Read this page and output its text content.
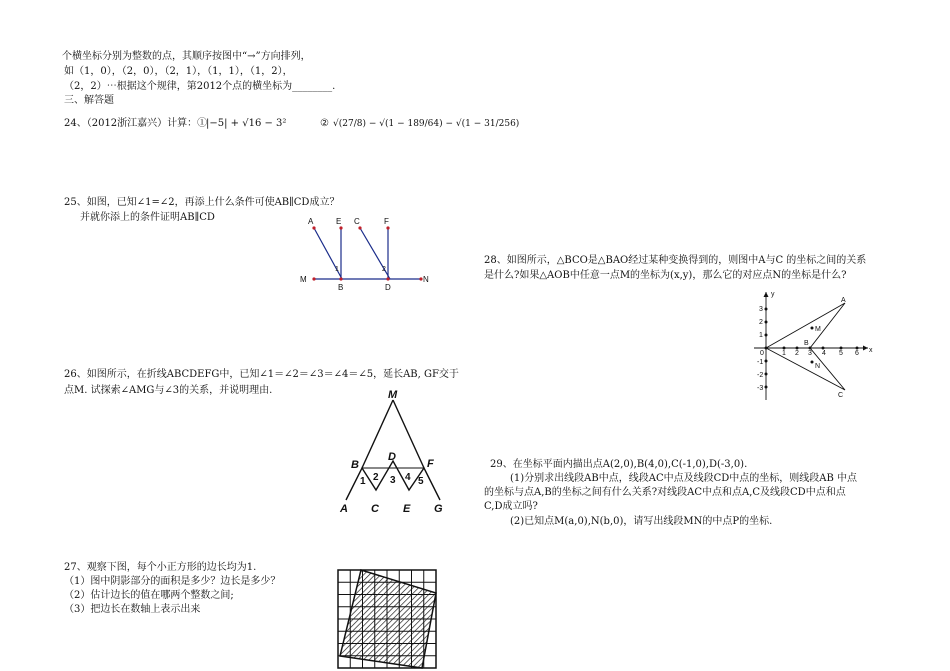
个横坐标分别为整数的点，其顺序按图中“→”方向排列，
如（1，0），（2，0），（2，1），（1，1），（1，2），
（2，2）⋯根据这个规律，第2012个点的横坐标为________.
三、解答题
24、（2012浙江嘉兴）计算：①
|−5| + √16 − 3²	② √(27/8) − √(1 − 189/64) − √(1 − 31/256)
25、如图，已知∠1=∠2，再添上什么条件可使AB∥CD成立？
并就你添上的条件证明AB∥CD
26、如图所示，在折线ABCDEFG中，已知∠1＝∠2＝∠3＝∠4＝∠5，延长AB, GF交于
点M. 试探索∠AMG与∠3的关系，并说明理由.
27、观察下图，每个小正方形的边长均为1.
（1）图中阴影部分的面积是多少？边长是多少？
（2）估计边长的值在哪两个整数之间;
（3）把边长在数轴上表示出来
28、如图所示，△BCO是△BAO经过某种变换得到的，则图中A与C 的坐标之间的关系
是什么?如果△AOB中任意一点M的坐标为(x,y)，那么它的对应点N的坐标是什么?
29、在坐标平面内描出点A(2,0),B(4,0),C(-1,0),D(-3,0).
(1)分别求出线段AB中点，线段AC中点及线段CD中点的坐标，则线段AB 中点
的坐标与点A,B的坐标之间有什么关系?对线段AC中点和点A,C及线段CD中点和点
C,D成立吗?
(2)已知点M(a,0),N(b,0)，请写出线段MN的中点P的坐标.
A	E C	F
M
B	D
N
1	2
M
B
D
F
A C E G
1 2 3 4 5
y
x
A
C
B
M
N
0	1 2 3 4 5 6
3
2
1
-1
-2
-3
